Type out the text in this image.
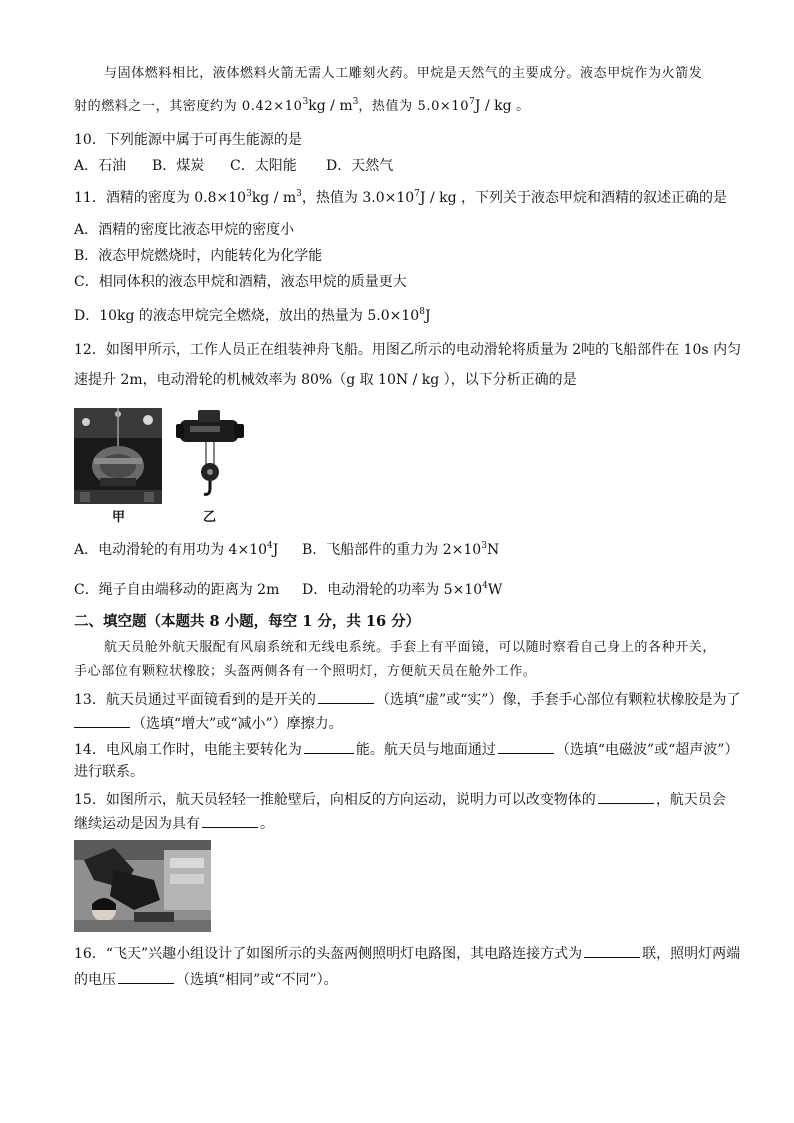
与固体燃料相比，液体燃料火箭无需人工雕刻火药。甲烷是天然气的主要成分。液态甲烷作为火箭发
射的燃料之一，其密度约为 $0.42\times 10^3kg / m^3$，热值为 $5.0\times 10^7J$ / kg 。
10．下列能源中属于可再生能源的是
A．石油 B．煤炭 C．太阳能 D．天然气
11．酒精的密度为 $0.8\times 10^3kg / m^3$，热值为 $3.0\times 10^7J$ / kg ，下列关于液态甲烷和酒精的叙述正确的是
A．酒精的密度比液态甲烷的密度小
B．液态甲烷燃烧时，内能转化为化学能
C．相同体积的液态甲烷和酒精，液态甲烷的质量更大
D．10kg 的液态甲烷完全燃烧，放出的热量为 $5.0\times 10^8J$
12．如图甲所示，工作人员正在组装神舟飞船。用图乙所示的电动滑轮将质量为 2吨的飞船部件在 10s 内匀
速提升 2m，电动滑轮的机械效率为 80%（g 取 10N / kg ），以下分析正确的是
甲	乙
A．电动滑轮的有用功为 $4\times 10^4J$ B．飞船部件的重力为 $2\times 10^3N$
C．绳子自由端移动的距离为 2m D．电动滑轮的功率为 $5\times 10^4W$
二、填空题（本题共 8 小题，每空 1 分，共 16 分）
航天员舱外航天服配有风扇系统和无线电系统。手套上有平面镜，可以随时察看自己身上的各种开关，
手心部位有颗粒状橡胶；头盔两侧各有一个照明灯，方便航天员在舱外工作。
13．航天员通过平面镜看到的是开关的	（选填“虚”或“实”）像，手套手心部位有颗粒状橡胶是为了
（选填“增大”或“减小”）摩擦力。
14．电风扇工作时，电能主要转化为	能。航天员与地面通过	（选填“电磁波”或“超声波”）
进行联系。
15．如图所示，航天员轻轻一推舱壁后，向相反的方向运动，说明力可以改变物体的	，航天员会
继续运动是因为具有	。
16．“飞天”兴趣小组设计了如图所示的头盔两侧照明灯电路图，其电路连接方式为	联，照明灯两端
的电压	（选填“相同”或“不同”）。
